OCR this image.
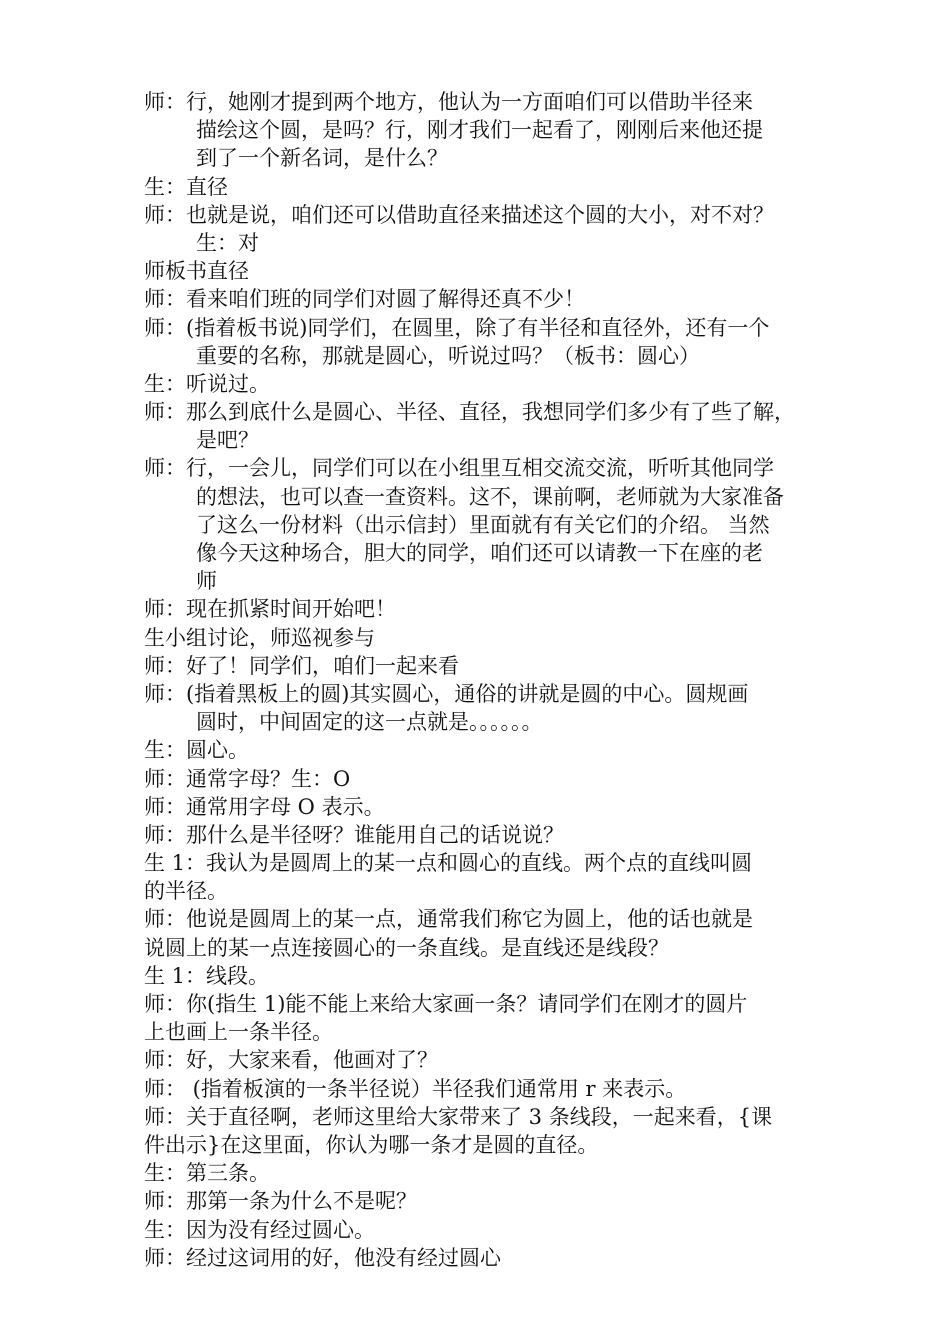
师：行，她刚才提到两个地方，他认为一方面咱们可以借助半径来
描绘这个圆，是吗？行，刚才我们一起看了，刚刚后来他还提
到了一个新名词，是什么？
生：直径
师：也就是说，咱们还可以借助直径来描述这个圆的大小，对不对？
生：对
师板书直径
师：看来咱们班的同学们对圆了解得还真不少！
师：(指着板书说)同学们，在圆里，除了有半径和直径外，还有一个
重要的名称，那就是圆心，听说过吗？（板书：圆心）
生：听说过。
师：那么到底什么是圆心、半径、直径，我想同学们多少有了些了解，
是吧？
师：行，一会儿，同学们可以在小组里互相交流交流，听听其他同学
的想法，也可以查一查资料。这不，课前啊，老师就为大家准备
了这么一份材料（出示信封）里面就有有关它们的介绍。 当然
像今天这种场合，胆大的同学，咱们还可以请教一下在座的老
师
师：现在抓紧时间开始吧！
生小组讨论，师巡视参与
师：好了！同学们，咱们一起来看
师：(指着黑板上的圆)其实圆心，通俗的讲就是圆的中心。圆规画
圆时，中间固定的这一点就是。。。。。。
生：圆心。
师：通常字母？生：O
师：通常用字母 O 表示。
师：那什么是半径呀？谁能用自己的话说说？
生 1：我认为是圆周上的某一点和圆心的直线。两个点的直线叫圆
的半径。
师：他说是圆周上的某一点，通常我们称它为圆上，他的话也就是
说圆上的某一点连接圆心的一条直线。是直线还是线段？
生 1：线段。
师：你(指生 1)能不能上来给大家画一条？请同学们在刚才的圆片
上也画上一条半径。
师：好，大家来看，他画对了？
师： (指着板演的一条半径说）半径我们通常用 r 来表示。
师：关于直径啊，老师这里给大家带来了 3 条线段，一起来看，{课
件出示}在这里面，你认为哪一条才是圆的直径。
生：第三条。
师：那第一条为什么不是呢？
生：因为没有经过圆心。
师：经过这词用的好，他没有经过圆心
